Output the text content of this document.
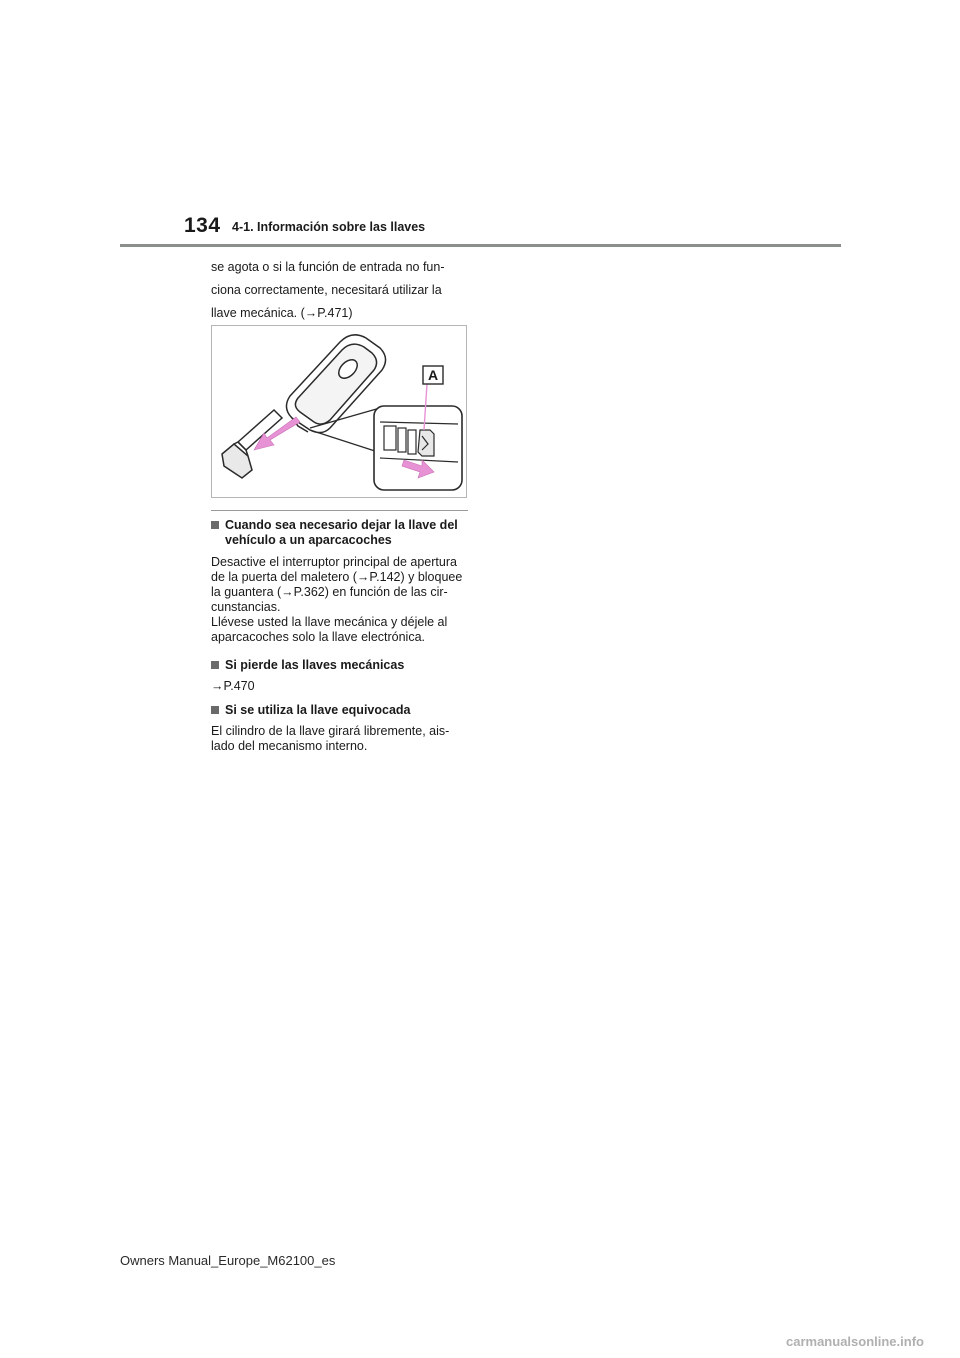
134 4-1. Información sobre las llaves

se agota o si la función de entrada no fun-
ciona correctamente, necesitará utilizar la
llave mecánica. (→P.471)

A
Cuando sea necesario dejar la llave del
vehículo a un aparcacoches

Desactive el interruptor principal de apertura
de la puerta del maletero (→P.142) y bloquee
la guantera (→P.362) en función de las cir-
cunstancias.
Llévese usted la llave mecánica y déjele al
aparcacoches solo la llave electrónica.

Si pierde las llaves mecánicas

→P.470

Si se utiliza la llave equivocada

El cilindro de la llave girará libremente, ais-
lado del mecanismo interno.

Owners Manual_Europe_M62100_es
carmanualsonline.info
